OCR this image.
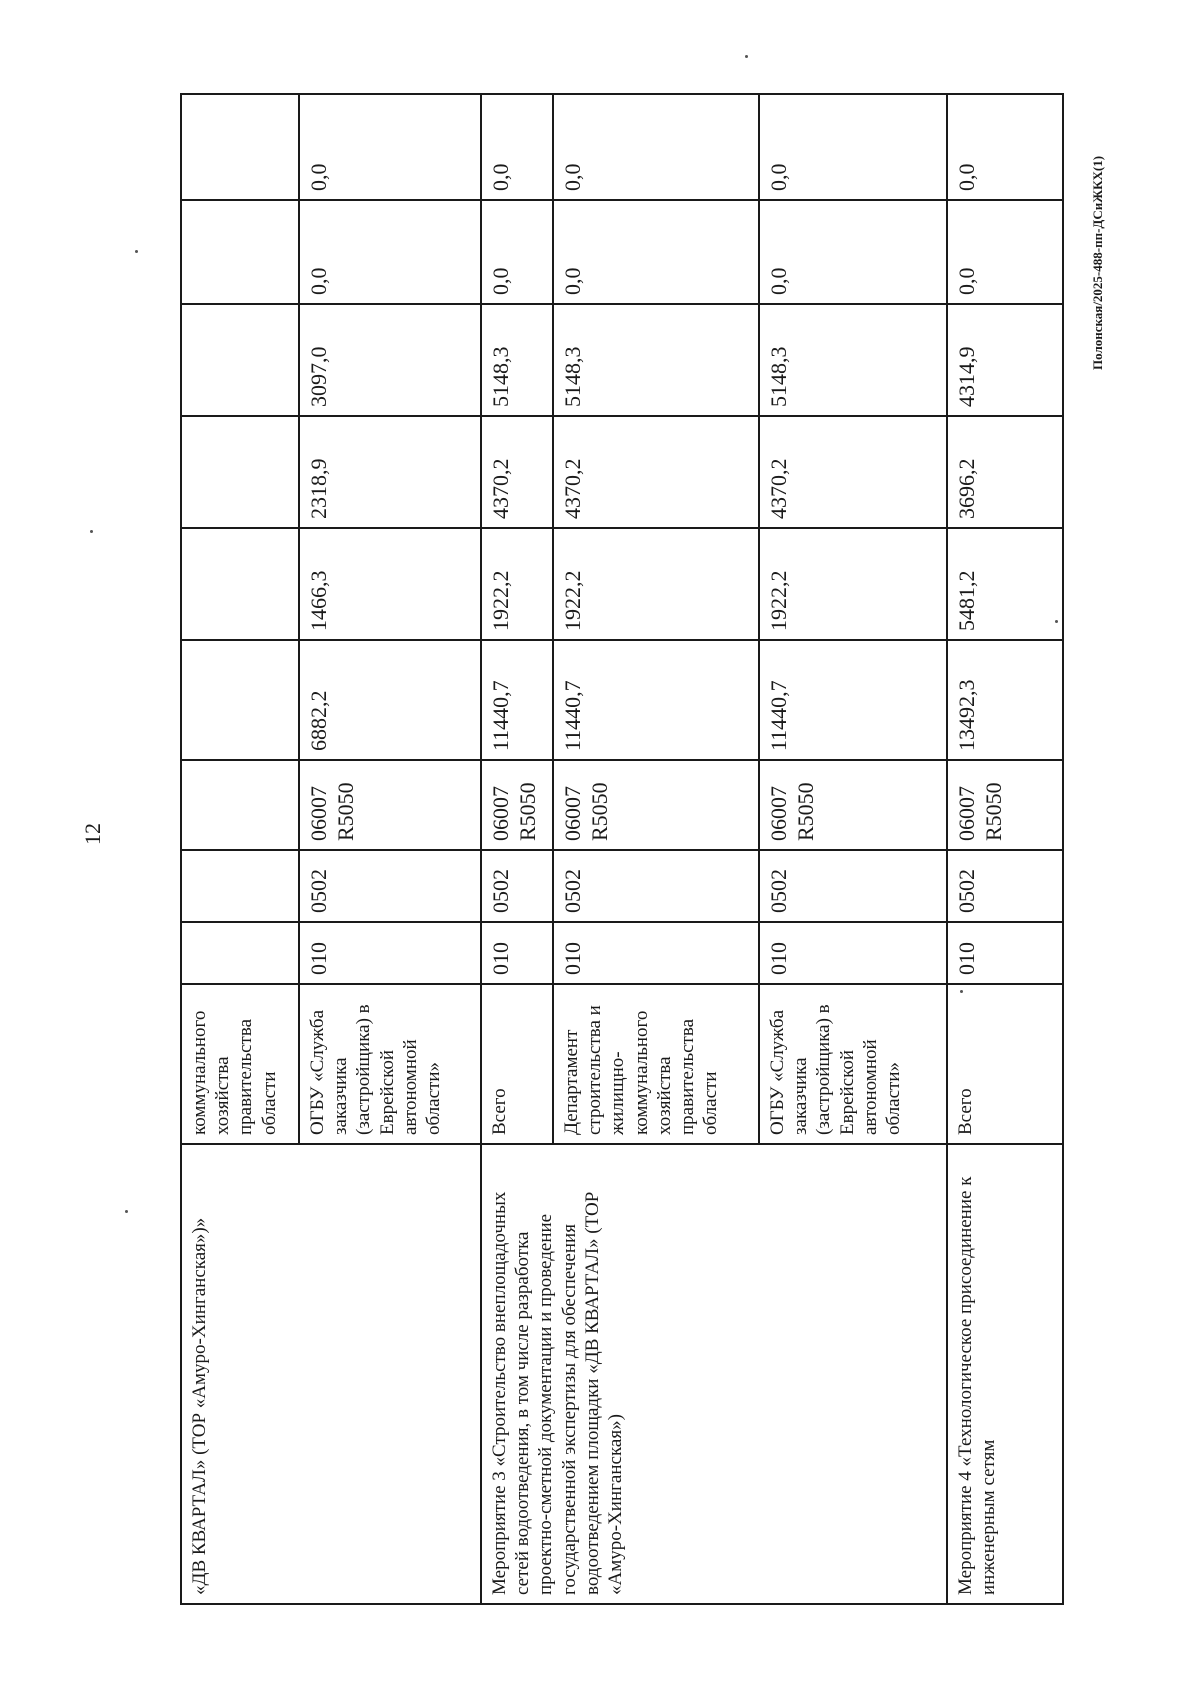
12
Полонская/2025-488-пп-ДСиЖКХ(1)
«ДВ КВАРТАЛ» (ТОР «Амуро-Хинганская»)»	коммунального хозяйства правительства области									
	ОГБУ «Служба заказчика (застройщика) в Еврейской автономной области»	010	0502	06007 R5050	6882,2	1466,3	2318,9	3097,0	0,0	0,0
Мероприятие 3 «Строительство внеплощадочных сетей водоотведения, в том числе разработка проектно-сметной документации и проведение государственной экспертизы для обеспечения водоотведением площадки «ДВ КВАРТАЛ» (ТОР «Амуро-Хинганская»)	Всего	010	0502	06007 R5050	11440,7	1922,2	4370,2	5148,3	0,0	0,0
	Департамент строительства и жилищно-коммунального хозяйства правительства области	010	0502	06007 R5050	11440,7	1922,2	4370,2	5148,3	0,0	0,0
	ОГБУ «Служба заказчика (застройщика) в Еврейской автономной области»	010	0502	06007 R5050	11440,7	1922,2	4370,2	5148,3	0,0	0,0
Мероприятие 4 «Технологическое присоединение к инженерным сетям	Всего	010	0502	06007 R5050	13492,3	5481,2	3696,2	4314,9	0,0	0,0
